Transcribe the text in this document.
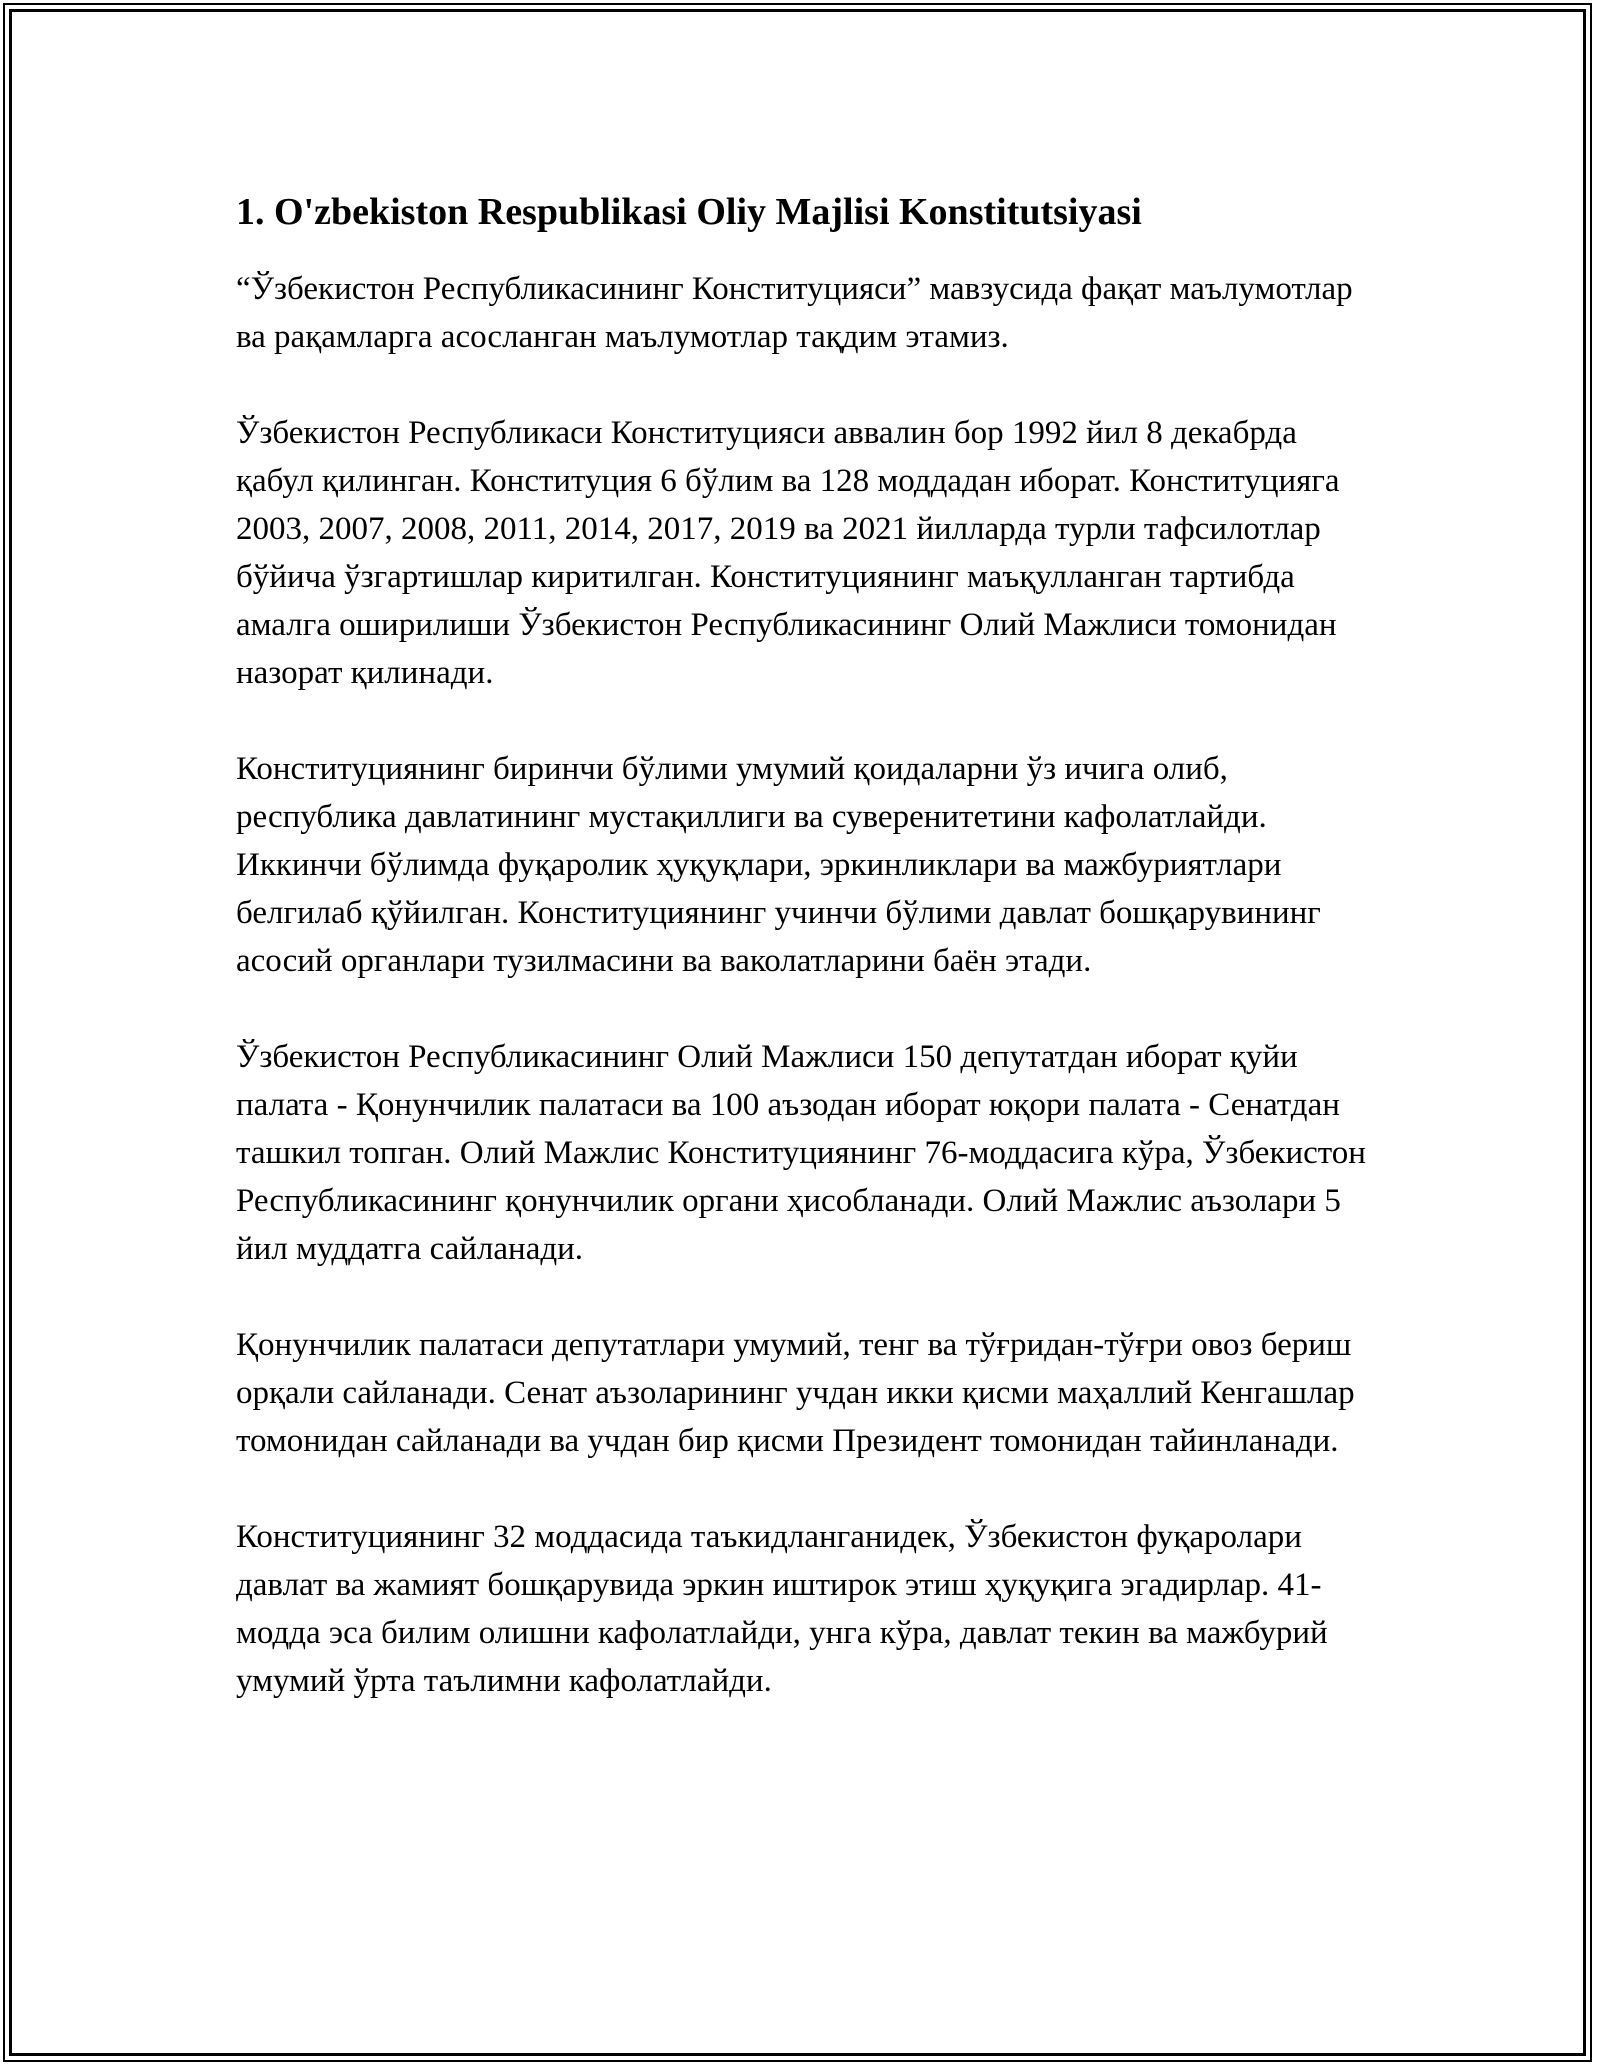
1. O'zbekiston Respublikasi Oliy Majlisi Konstitutsiyasi

“Ўзбекистон Республикасининг Конституцияси” мавзусида фақат маълумотлар ва рақамларга асосланган маълумотлар тақдим этамиз.

Ўзбекистон Республикаси Конституцияси аввалин бор 1992 йил 8 декабрда қабул қилинган. Конституция 6 бўлим ва 128 моддадан иборат. Конституцияга 2003, 2007, 2008, 2011, 2014, 2017, 2019 ва 2021 йилларда турли тафсилотлар бўйича ўзгартишлар киритилган. Конституциянинг маъқулланган тартибда амалга оширилиши Ўзбекистон Республикасининг Олий Мажлиси томонидан назорат қилинади.

Конституциянинг биринчи бўлими умумий қоидаларни ўз ичига олиб, республика давлатининг мустақиллиги ва суверенитетини кафолатлайди. Иккинчи бўлимда фуқаролик ҳуқуқлари, эркинликлари ва мажбуриятлари белгилаб қўйилган. Конституциянинг учинчи бўлими давлат бошқарувининг асосий органлари тузилмасини ва ваколатларини баён этади.

Ўзбекистон Республикасининг Олий Мажлиси 150 депутатдан иборат қуйи палата - Қонунчилик палатаси ва 100 аъзодан иборат юқори палата - Сенатдан ташкил топган. Олий Мажлис Конституциянинг 76-моддасига кўра, Ўзбекистон Республикасининг қонунчилик органи ҳисобланади. Олий Мажлис аъзолари 5 йил муддатга сайланади.

Қонунчилик палатаси депутатлари умумий, тенг ва тўғридан-тўғри овоз бериш орқали сайланади. Сенат аъзоларининг учдан икки қисми маҳаллий Кенгашлар томонидан сайланади ва учдан бир қисми Президент томонидан тайинланади.

Конституциянинг 32 моддасида таъкидланганидек, Ўзбекистон фуқаролари давлат ва жамият бошқарувида эркин иштирок этиш ҳуқуқига эгадирлар. 41-модда эса билим олишни кафолатлайди, унга кўра, давлат текин ва мажбурий умумий ўрта таълимни кафолатлайди.
